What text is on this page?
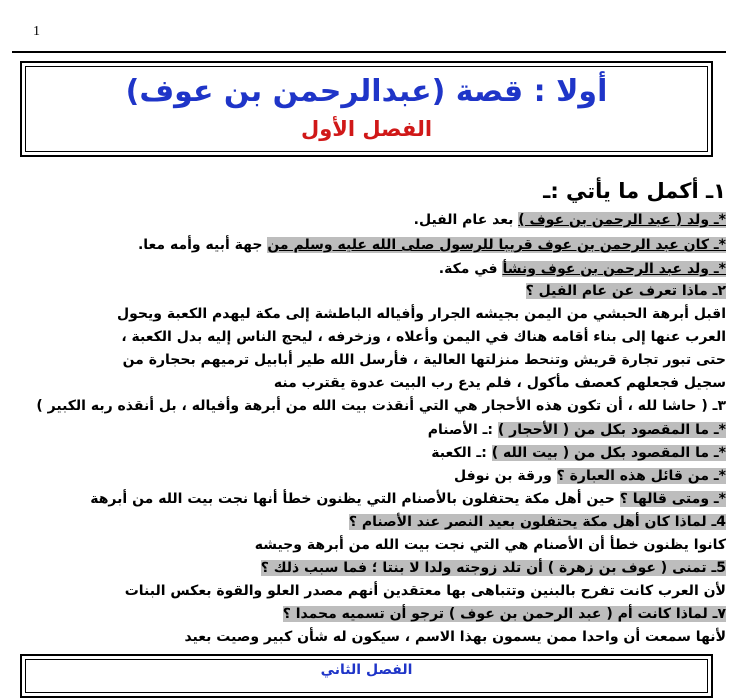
1
أولا : قصة (عبدالرحمن بن عوف)
الفصل الأول
١ـ أكمل ما يأتي :ـ
*ـ ولد ( عبد الرحمن بن عوف ) بعد عام الفيل.
*ـ كان عبد الرحمن بن عوف قريبا للرسول صلى الله عليه وسلم من جهة أبيه وأمه معا.
*ـ ولد عبد الرحمن بن عوف ونشأ في مكة.
٢ـ ماذا تعرف عن عام الفيل ؟
اقبل أبرهة الحبشي من اليمن بجيشه الجرار وأفياله الباطشة إلى مكة ليهدم الكعبة ويحول
العرب عنها إلى بناء أقامه هناك في اليمن وأعلاه ، وزخرفه ، ليحج الناس إليه بدل الكعبة ،
حتى تبور تجارة قريش وتنحط منزلتها العالية ، فأرسل الله طير أبابيل ترميهم بحجارة من
سجيل فجعلهم كعصف مأكول ، فلم يدع رب البيت عدوة يقترب منه
٣ـ ( حاشا لله ، أن تكون هذه الأحجار هي التي أنقذت بيت الله من أبرهة وأفياله ، بل أنقذه ربه الكبير )
*ـ ما المقصود بكل من ( الأحجار ) :ـ الأصنام
*ـ ما المقصود بكل من ( بيت الله ) :ـ الكعبة
*ـ من قائل هذه العبارة ؟ ورقة بن نوفل
*ـ ومتى قالها ؟ حين أهل مكة يحتفلون بالأصنام التي يظنون خطأ أنها نجت بيت الله من أبرهة
4ـ لماذا كان أهل مكة يحتفلون بعيد النصر عند الأصنام ؟
كانوا يظنون خطأ أن الأصنام هي التي نجت بيت الله من أبرهة وجيشه
5ـ تمنى ( عوف بن زهرة ) أن تلد زوجته ولدا لا بنتا ؛ فما سبب ذلك ؟
لأن العرب كانت تفرح بالبنين وتتباهى بها معتقدين أنهم مصدر العلو والقوة بعكس البنات
٧ـ لماذا كانت أم ( عبد الرحمن بن عوف ) ترجو أن تسميه محمدا ؟
لأنها سمعت أن واحدا ممن يسمون بهذا الاسم ، سيكون له شأن كبير وصيت بعيد
الفصل الثاني
